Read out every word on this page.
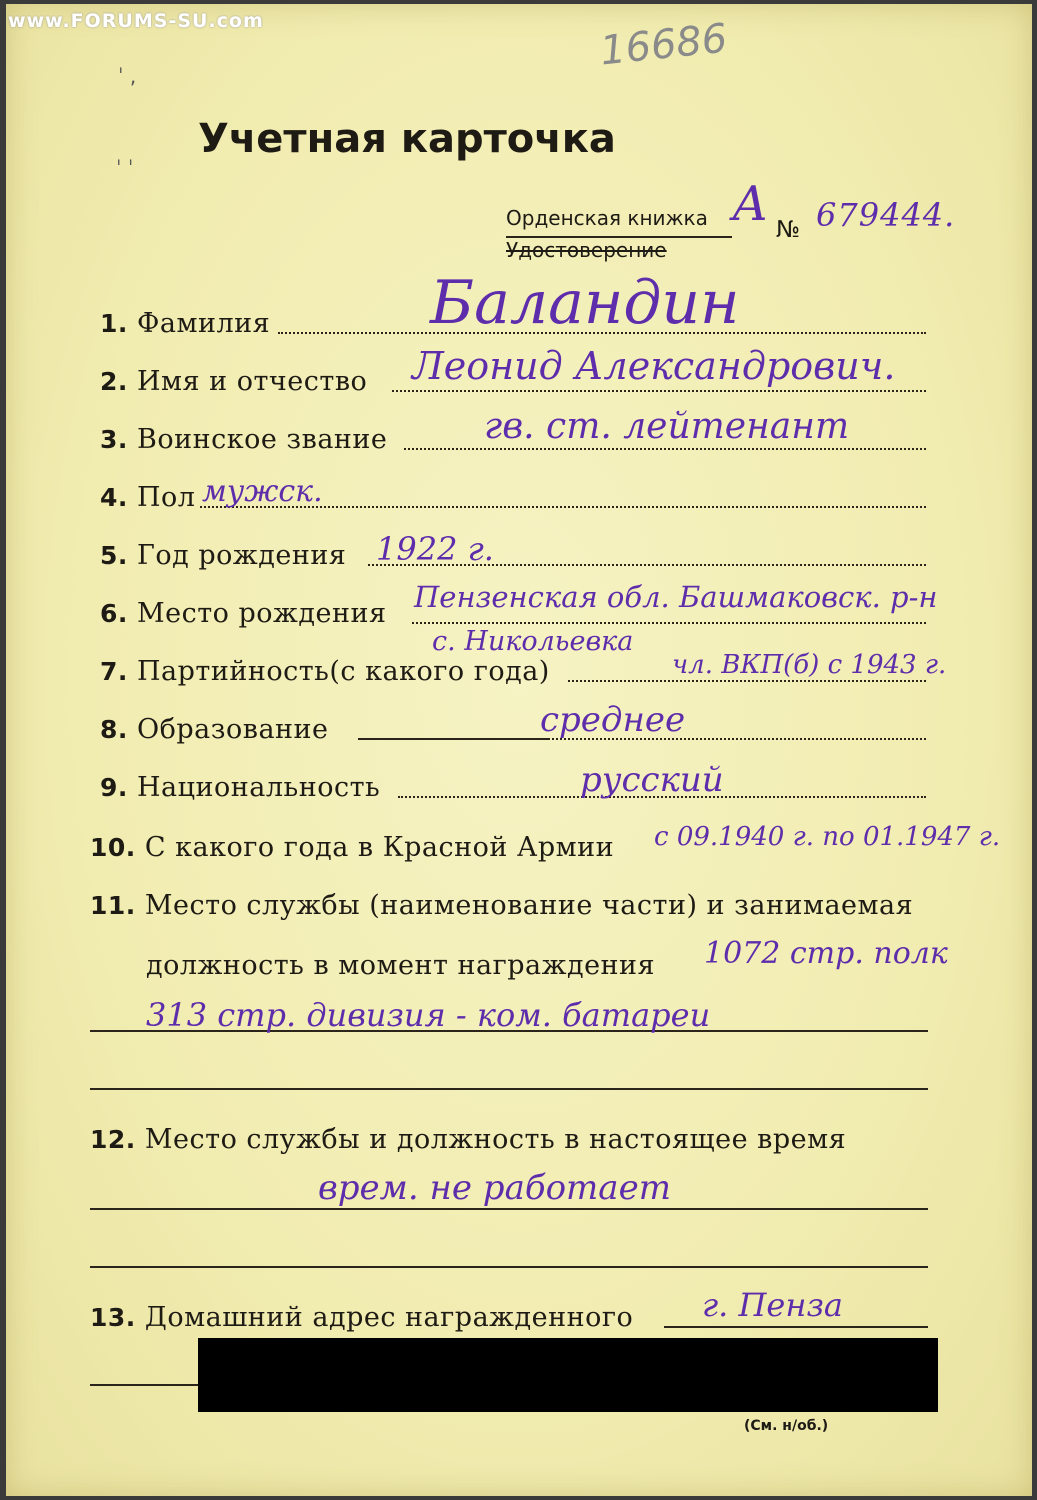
www.FORUMS-SU.com	16686
ˈ ,
ˈ ˈ
Учетная карточка
Орденская книжка
Удостоверение
А № 679444.
1. Фамилия	Баландин
2. Имя и отчество Леонид Александрович.
3. Воинское звание	гв. ст. лейтенант
4. Пол мужск.
5. Год рождения 1922 г.
6. Место рождения Пензенская обл. Башмаковск. р-н
с. Никольевка
7. Партийность(с какого года)	чл. ВКП(б) с 1943 г.
8. Образование	среднее
9. Национальность	русский
10. С какого года в Красной Армии с 09.1940 г. по 01.1947 г.
11. Место службы (наименование части) и занимаемая
должность в момент награждения 1072 стр. полк
313 стр. дивизия - ком. батареи
12. Место службы и должность в настоящее время
врем. не работает
13. Домашний адрес награжденного г. Пенза
(См. н/об.)
